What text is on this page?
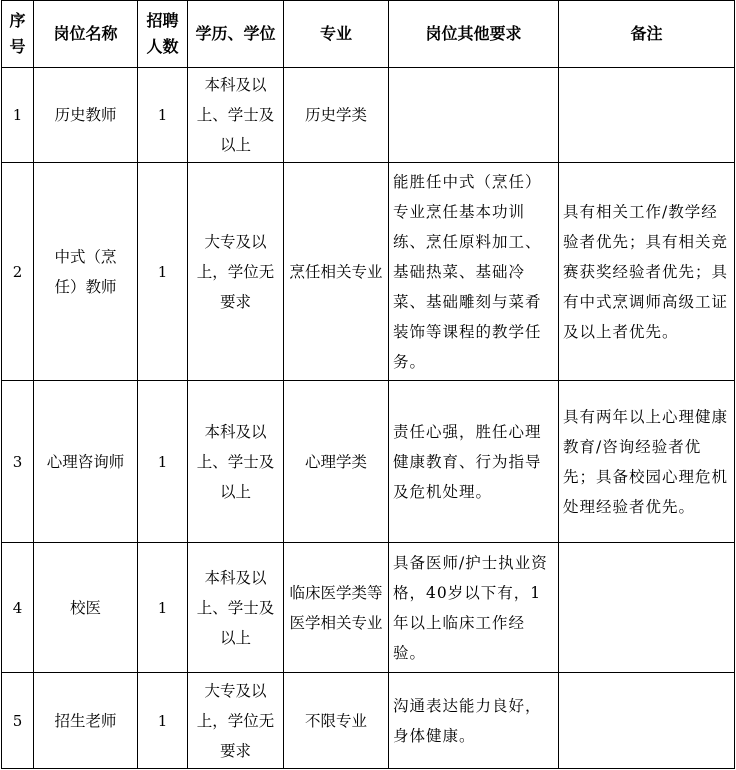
序号	岗位名称	招聘人数	学历、学位	专业	岗位其他要求	备注
1	历史教师	1	本科及以上、学士及以上	历史学类		
2	中式（烹任）教师	1	大专及以上，学位无要求	烹任相关专业	能胜任中式（烹任）专业烹任基本功训练、烹任原料加工、基础热菜、基础冷菜、基础雕刻与菜肴装饰等课程的教学任务。	具有相关工作/教学经验者优先；具有相关竞赛获奖经验者优先；具有中式烹调师高级工证及以上者优先。
3	心理咨询师	1	本科及以上、学士及以上	心理学类	责任心强，胜任心理健康教育、行为指导及危机处理。	具有两年以上心理健康教育/咨询经验者优先；具备校园心理危机处理经验者优先。
4	校医	1	本科及以上、学士及以上	临床医学类等医学相关专业	具备医师/护士执业资格，40岁以下有，1年以上临床工作经验。	
5	招生老师	1	大专及以上，学位无要求	不限专业	沟通表达能力良好，身体健康。	
